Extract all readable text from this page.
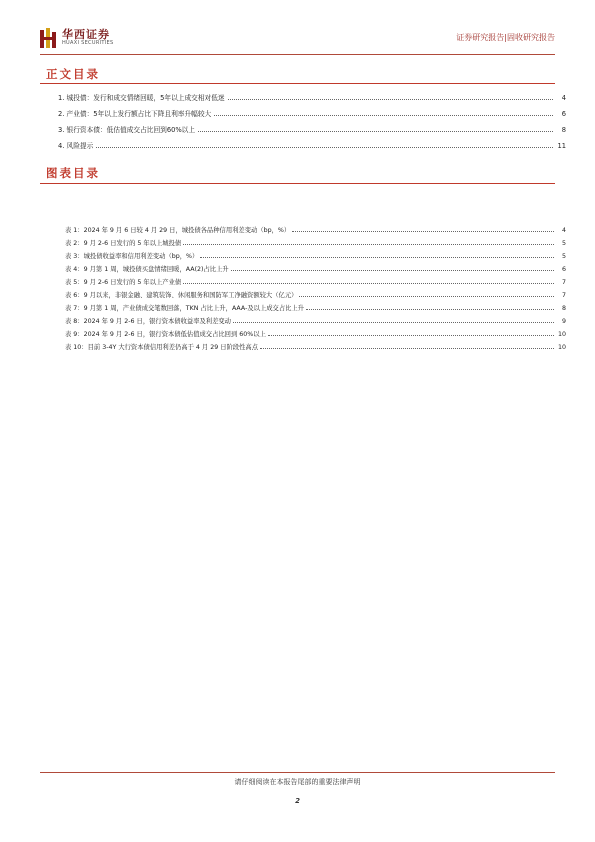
华西证券
HUAXI SECURITIES
证券研究报告|固收研究报告
正文目录
1. 城投债：发行和成交情绪回暖，5年以上成交相对低迷	4
2. 产业债：5年以上发行额占比下降且利率升幅较大	6
3. 银行资本债：低估值成交占比回到60%以上	8
4. 风险提示	11
图表目录
表 1：2024 年 9 月 6 日较 4 月 29 日，城投债各品种信用利差变动（bp，%）	4
表 2：9 月 2-6 日发行的 5 年以上城投债	5
表 3：城投债收益率和信用利差变动（bp，%）	5
表 4：9 月第 1 周，城投债买盘情绪回暖，AA(2)占比上升	6
表 5：9 月 2-6 日发行的 5 年以上产业债	7
表 6：9 月以来，非银金融、建筑装饰、休闲服务和国防军工净融资额较大（亿元）	7
表 7：9 月第 1 周，产业债成交笔数回落，TKN 占比上升，AAA-及以上成交占比上升	8
表 8：2024 年 9 月 2-6 日，银行资本债收益率及利差变动	9
表 9：2024 年 9 月 2-6 日，银行资本债低估值成交占比回到 60%以上	10
表 10：目前 3-4Y 大行资本债信用利差仍高于 4 月 29 日阶段性高点	10
请仔细阅读在本报告尾部的重要法律声明
2
